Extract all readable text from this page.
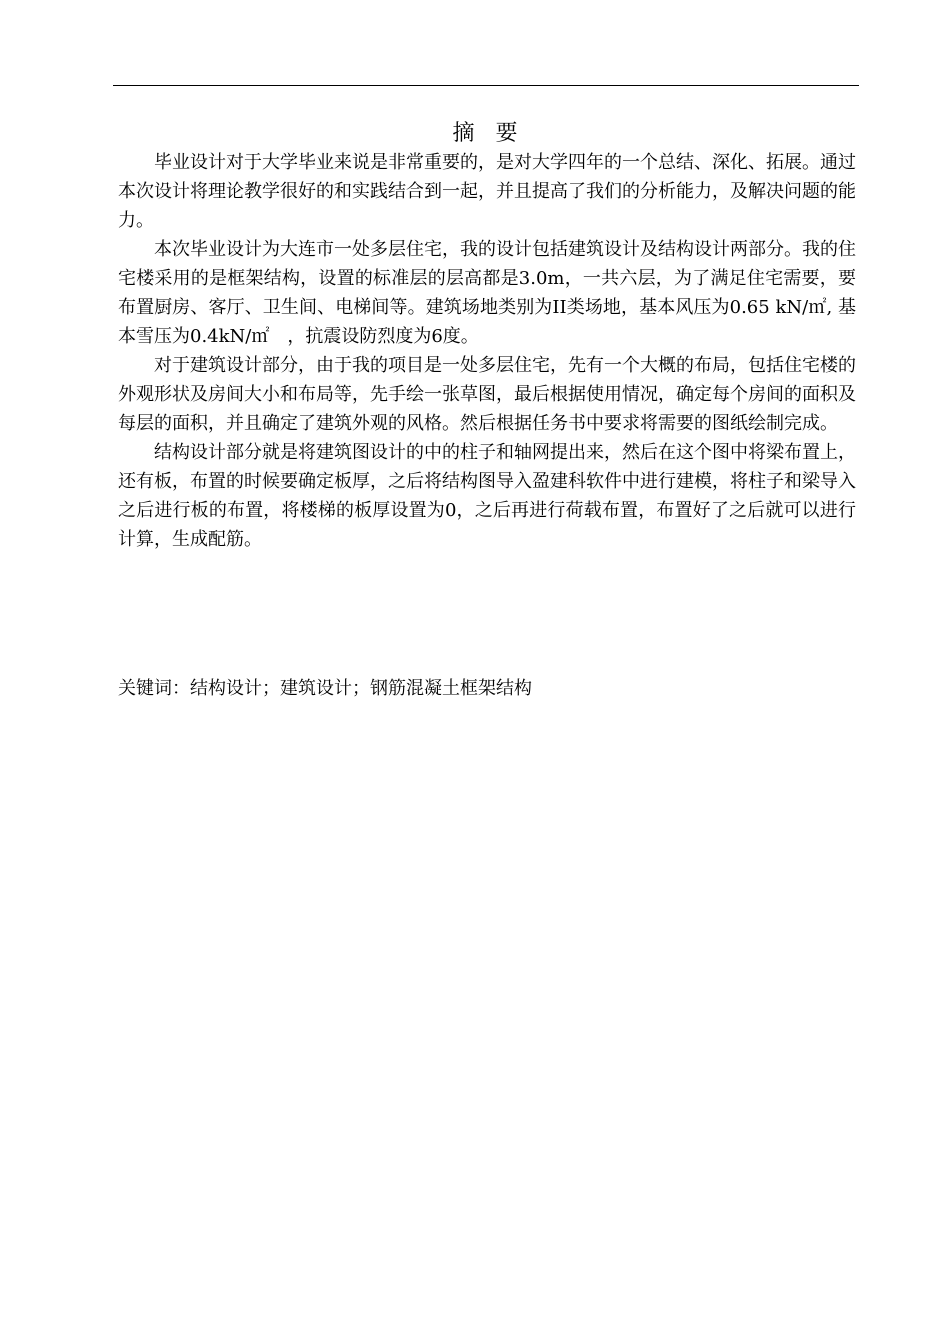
摘 要

毕业设计对于大学毕业来说是非常重要的，是对大学四年的一个总结、深化、拓展。通过本次设计将理论教学很好的和实践结合到一起，并且提高了我们的分析能力，及解决问题的能力。

本次毕业设计为大连市一处多层住宅，我的设计包括建筑设计及结构设计两部分。我的住宅楼采用的是框架结构，设置的标准层的层高都是3.0m，一共六层，为了满足住宅需要，要布置厨房、客厅、卫生间、电梯间等。建筑场地类别为II类场地，基本风压为0.65 kN/㎡, 基本雪压为0.4kN/㎡　，抗震设防烈度为6度。

对于建筑设计部分，由于我的项目是一处多层住宅，先有一个大概的布局，包括住宅楼的外观形状及房间大小和布局等，先手绘一张草图，最后根据使用情况，确定每个房间的面积及每层的面积，并且确定了建筑外观的风格。然后根据任务书中要求将需要的图纸绘制完成。

结构设计部分就是将建筑图设计的中的柱子和轴网提出来，然后在这个图中将梁布置上，还有板，布置的时候要确定板厚，之后将结构图导入盈建科软件中进行建模，将柱子和梁导入之后进行板的布置，将楼梯的板厚设置为0，之后再进行荷载布置，布置好了之后就可以进行计算，生成配筋。

关键词：结构设计；建筑设计；钢筋混凝土框架结构
